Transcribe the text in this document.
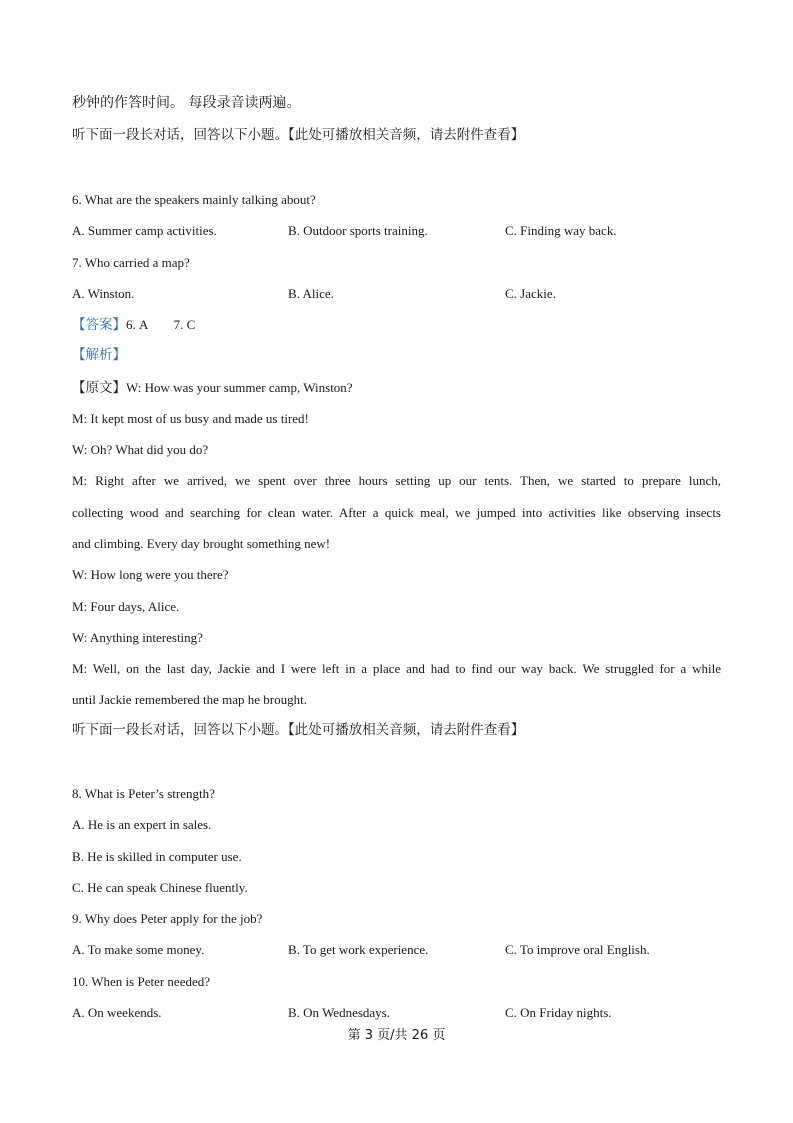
秒钟的作答时间。 每段录音读两遍。
听下面一段长对话，回答以下小题。【此处可播放相关音频，请去附件查看】
6. What are the speakers mainly talking about?
A. Summer camp activities.	B. Outdoor sports training.	C. Finding way back.
7. Who carried a map?
A. Winston.	B. Alice.	C. Jackie.
【答案】6. A        7. C
【解析】
【原文】W: How was your summer camp, Winston?
M: It kept most of us busy and made us tired!
W: Oh? What did you do?
M: Right after we arrived, we spent over three hours setting up our tents. Then, we started to prepare lunch,
collecting wood and searching for clean water. After a quick meal, we jumped into activities like observing insects
and climbing. Every day brought something new!
W: How long were you there?
M: Four days, Alice.
W: Anything interesting?
M: Well, on the last day, Jackie and I were left in a place and had to find our way back. We struggled for a while
until Jackie remembered the map he brought.
听下面一段长对话，回答以下小题。【此处可播放相关音频，请去附件查看】
8. What is Peter’s strength?
A. He is an expert in sales.
B. He is skilled in computer use.
C. He can speak Chinese fluently.
9. Why does Peter apply for the job?
A. To make some money.	B. To get work experience.	C. To improve oral English.
10. When is Peter needed?
A. On weekends.	B. On Wednesdays.	C. On Friday nights.
第 3 页/共 26 页
